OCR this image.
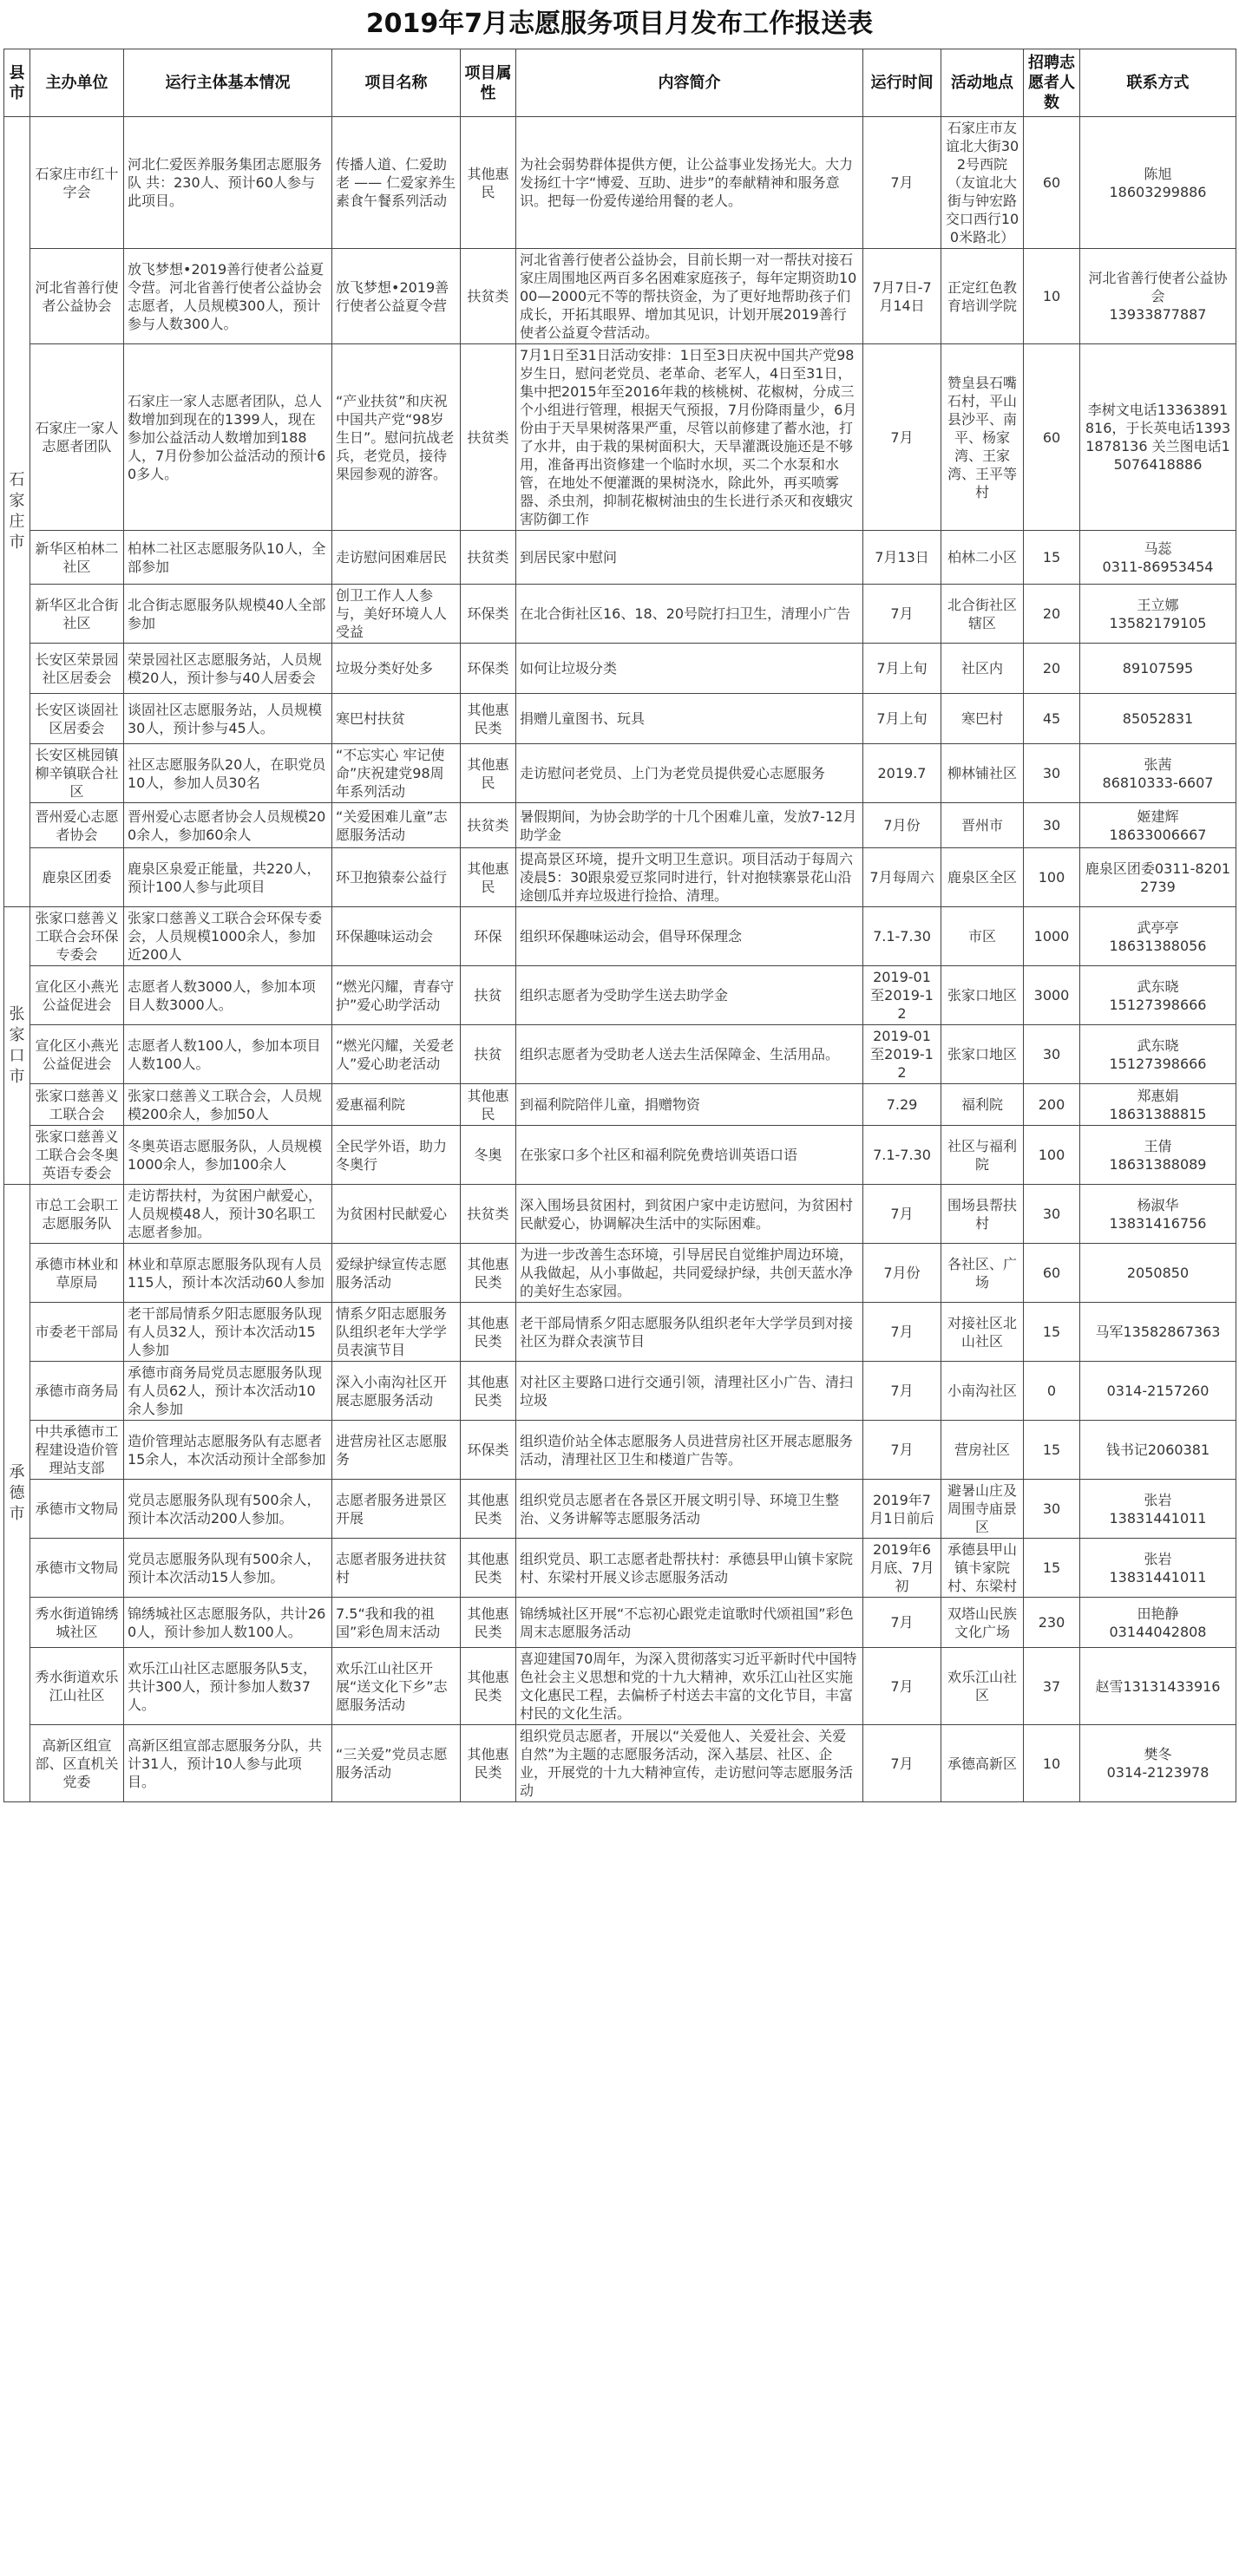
2019年7月志愿服务项目月发布工作报送表
县市	主办单位	运行主体基本情况	项目名称	项目属性	内容简介	运行时间	活动地点	招聘志愿者人数	联系方式
石家庄市	石家庄市红十字会	河北仁爱医养服务集团志愿服务队 共：230人、预计60人参与此项目。	传播人道、仁爱助老 —— 仁爱家养生素食午餐系列活动	其他惠民	为社会弱势群体提供方便，让公益事业发扬光大。大力发扬红十字“博爱、互助、进步”的奉献精神和服务意识。把每一份爱传递给用餐的老人。	7月	石家庄市友谊北大街302号西院（友谊北大街与钟宏路交口西行100米路北）	60	陈旭
18603299886
	河北省善行使者公益协会	放飞梦想•2019善行使者公益夏令营。河北省善行使者公益协会志愿者，人员规模300人，预计参与人数300人。	放飞梦想•2019善行使者公益夏令营	扶贫类	河北省善行使者公益协会，目前长期一对一帮扶对接石家庄周围地区两百多名困难家庭孩子，每年定期资助1000—2000元不等的帮扶资金，为了更好地帮助孩子们成长，开拓其眼界、增加其见识，计划开展2019善行使者公益夏令营活动。	7月7日-7月14日	正定红色教育培训学院	10	河北省善行使者公益协会
13933877887
	石家庄一家人志愿者团队	石家庄一家人志愿者团队，总人数增加到现在的1399人，现在参加公益活动人数增加到188人，7月份参加公益活动的预计60多人。	“产业扶贫”和庆祝中国共产党“98岁生日”。慰问抗战老兵，老党员，接待果园参观的游客。	扶贫类	7月1日至31日活动安排：1日至3日庆祝中国共产党98岁生日，慰问老党员、老革命、老军人，4日至31日，集中把2015年至2016年栽的核桃树、花椒树，分成三个小组进行管理，根据天气预报，7月份降雨量少，6月份由于天旱果树落果严重，尽管以前修建了蓄水池，打了水井，由于栽的果树面积大，天旱灌溉设施还是不够用，准备再出资修建一个临时水坝，买二个水泵和水管，在地处不便灌溉的果树浇水，除此外，再买喷雾器、杀虫剂，抑制花椒树油虫的生长进行杀灭和夜蛾灾害防御工作	7月	赞皇县石嘴石村，平山县沙平、南平、杨家湾、王家湾、王平等村	60	李树文电话13363891816，于长英电话13931878136 关兰图电话15076418886
	新华区柏林二社区	柏林二社区志愿服务队10人，全部参加	走访慰问困难居民	扶贫类	到居民家中慰问	7月13日	柏林二小区	15	马蕊
0311-86953454
	新华区北合街社区	北合街志愿服务队规模40人全部参加	创卫工作人人参与，美好环境人人受益	环保类	在北合街社区16、18、20号院打扫卫生，清理小广告	7月	北合街社区辖区	20	王立娜
13582179105
	长安区荣景园社区居委会	荣景园社区志愿服务站，人员规模20人，预计参与40人居委会	垃圾分类好处多	环保类	如何让垃圾分类	7月上旬	社区内	20	89107595
	长安区谈固社区居委会	谈固社区志愿服务站，人员规模30人，预计参与45人。	寒巴村扶贫	其他惠民类	捐赠儿童图书、玩具	7月上旬	寒巴村	45	85052831
	长安区桃园镇柳辛镇联合社区	社区志愿服务队20人，在职党员10人，参加人员30名	“不忘实心 牢记使命”庆祝建党98周年系列活动	其他惠民	走访慰问老党员、上门为老党员提供爱心志愿服务	2019.7	柳林铺社区	30	张茜
86810333-6607
	晋州爱心志愿者协会	晋州爱心志愿者协会人员规模200余人，参加60余人	“关爱困难儿童”志愿服务活动	扶贫类	暑假期间，为协会助学的十几个困难儿童，发放7-12月助学金	7月份	晋州市	30	姬建辉
18633006667
	鹿泉区团委	鹿泉区泉爱正能量，共220人，预计100人参与此项目	环卫抱猿泰公益行	其他惠民	提高景区环境，提升文明卫生意识。项目活动于每周六凌晨5：30跟泉爱豆浆同时进行，针对抱犊寨景花山沿途刨瓜并弃垃圾进行捡拾、清理。	7月每周六	鹿泉区全区	100	鹿泉区团委0311-82012739
张家口市	张家口慈善义工联合会环保专委会	张家口慈善义工联合会环保专委会，人员规模1000余人，参加近200人	环保趣味运动会	环保	组织环保趣味运动会，倡导环保理念	7.1-7.30	市区	1000	武亭亭
18631388056
	宣化区小燕光公益促进会	志愿者人数3000人，参加本项目人数3000人。	“燃光闪耀，青春守护”爱心助学活动	扶贫	组织志愿者为受助学生送去助学金	2019-01至2019-12	张家口地区	3000	武东晓
15127398666
	宣化区小燕光公益促进会	志愿者人数100人，参加本项目人数100人。	“燃光闪耀，关爱老人”爱心助老活动	扶贫	组织志愿者为受助老人送去生活保障金、生活用品。	2019-01至2019-12	张家口地区	30	武东晓
15127398666
	张家口慈善义工联合会	张家口慈善义工联合会，人员规模200余人，参加50人	爱惠福利院	其他惠民	到福利院陪伴儿童，捐赠物资	7.29	福利院	200	郑惠娟
18631388815
	张家口慈善义工联合会冬奥英语专委会	冬奥英语志愿服务队，人员规模1000余人，参加100余人	全民学外语，助力冬奥行	冬奥	在张家口多个社区和福利院免费培训英语口语	7.1-7.30	社区与福利院	100	王倩
18631388089
承德市	市总工会职工志愿服务队	走访帮扶村，为贫困户献爱心，人员规模48人，预计30名职工志愿者参加。	为贫困村民献爱心	扶贫类	深入围场县贫困村，到贫困户家中走访慰问，为贫困村民献爱心，协调解决生活中的实际困难。	7月	围场县帮扶村	30	杨淑华
13831416756
	承德市林业和草原局	林业和草原志愿服务队现有人员115人，预计本次活动60人参加	爱绿护绿宣传志愿服务活动	其他惠民类	为进一步改善生态环境，引导居民自觉维护周边环境，从我做起，从小事做起，共同爱绿护绿，共创天蓝水净的美好生态家园。	7月份	各社区、广场	60	2050850
	市委老干部局	老干部局情系夕阳志愿服务队现有人员32人，预计本次活动15人参加	情系夕阳志愿服务队组织老年大学学员表演节目	其他惠民类	老干部局情系夕阳志愿服务队组织老年大学学员到对接社区为群众表演节目	7月	对接社区北山社区	15	马军13582867363
	承德市商务局	承德市商务局党员志愿服务队现有人员62人，预计本次活动10余人参加	深入小南沟社区开展志愿服务活动	其他惠民类	对社区主要路口进行交通引领，清理社区小广告、清扫垃圾	7月	小南沟社区	0	0314-2157260
	中共承德市工程建设造价管理站支部	造价管理站志愿服务队有志愿者15余人，本次活动预计全部参加	进营房社区志愿服务	环保类	组织造价站全体志愿服务人员进营房社区开展志愿服务活动，清理社区卫生和楼道广告等。	7月	营房社区	15	钱书记2060381
	承德市文物局	党员志愿服务队现有500余人，预计本次活动200人参加。	志愿者服务进景区开展	其他惠民类	组织党员志愿者在各景区开展文明引导、环境卫生整治、义务讲解等志愿服务活动	2019年7月1日前后	避暑山庄及周围寺庙景区	30	张岩
13831441011
	承德市文物局	党员志愿服务队现有500余人，预计本次活动15人参加。	志愿者服务进扶贫村	其他惠民类	组织党员、职工志愿者赴帮扶村：承德县甲山镇卡家院村、东梁村开展义诊志愿服务活动	2019年6月底、7月初	承德县甲山镇卡家院村、东梁村	15	张岩
13831441011
	秀水街道锦绣城社区	锦绣城社区志愿服务队，共计260人，预计参加人数100人。	7.5“我和我的祖国”彩色周末活动	其他惠民类	锦绣城社区开展“不忘初心跟党走谊歌时代颂祖国”彩色周末志愿服务活动	7月	双塔山民族文化广场	230	田艳静
03144042808
	秀水街道欢乐江山社区	欢乐江山社区志愿服务队5支，共计300人，预计参加人数37人。	欢乐江山社区开展“送文化下乡”志愿服务活动	其他惠民类	喜迎建国70周年，为深入贯彻落实习近平新时代中国特色社会主义思想和党的十九大精神，欢乐江山社区实施文化惠民工程，去偏桥子村送去丰富的文化节目，丰富村民的文化生活。	7月	欢乐江山社区	37	赵雪13131433916
	高新区组宣部、区直机关党委	高新区组宣部志愿服务分队，共计31人，预计10人参与此项目。	“三关爱”党员志愿服务活动	其他惠民类	组织党员志愿者，开展以“关爱他人、关爱社会、关爱自然”为主题的志愿服务活动，深入基层、社区、企业，开展党的十九大精神宣传，走访慰问等志愿服务活动	7月	承德高新区	10	樊冬
0314-2123978
